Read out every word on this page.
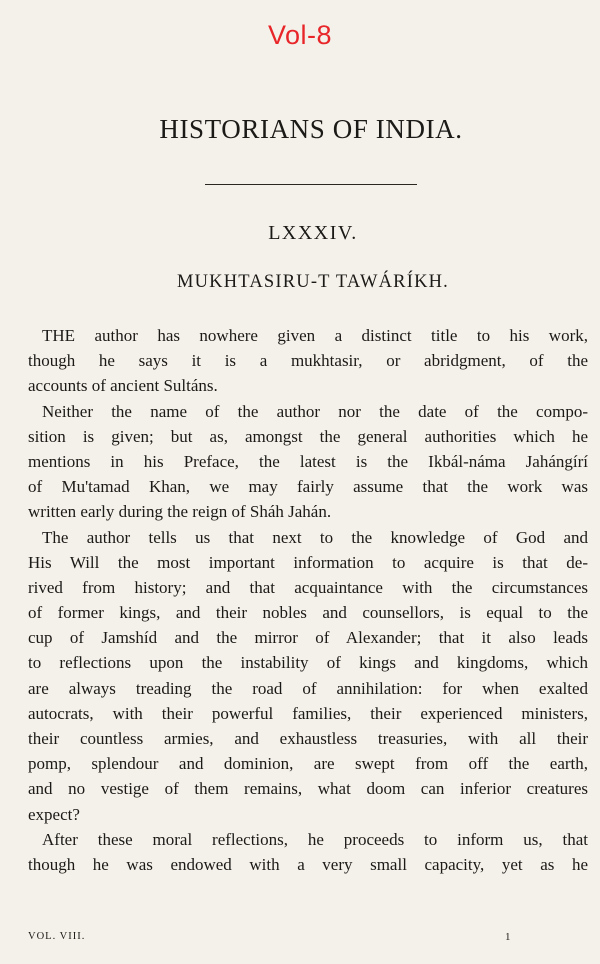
Vol-8
HISTORIANS OF INDIA.
LXXXIV.
MUKHTASIRU-T TAWÁRÍKH.
THE author has nowhere given a distinct title to his work,
though he says it is a mukhtasir, or abridgment, of the
accounts of ancient Sultáns.
Neither the name of the author nor the date of the compo-
sition is given; but as, amongst the general authorities which he
mentions in his Preface, the latest is the Ikbál-náma Jahángírí
of Mu'tamad Khan, we may fairly assume that the work was
written early during the reign of Sháh Jahán.
The author tells us that next to the knowledge of God and
His Will the most important information to acquire is that de-
rived from history; and that acquaintance with the circumstances
of former kings, and their nobles and counsellors, is equal to the
cup of Jamshíd and the mirror of Alexander; that it also leads
to reflections upon the instability of kings and kingdoms, which
are always treading the road of annihilation: for when exalted
autocrats, with their powerful families, their experienced ministers,
their countless armies, and exhaustless treasuries, with all their
pomp, splendour and dominion, are swept from off the earth,
and no vestige of them remains, what doom can inferior creatures
expect?
After these moral reflections, he proceeds to inform us, that
though he was endowed with a very small capacity, yet as he
VOL. VIII.	1
